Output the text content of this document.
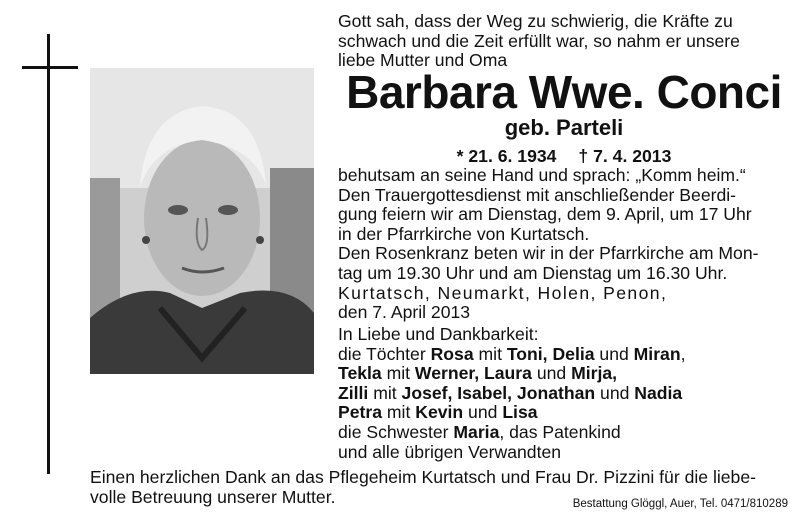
Gott sah, dass der Weg zu schwierig, die Kräfte zu
schwach und die Zeit erfüllt war, so nahm er unsere
liebe Mutter und Oma
Barbara Wwe. Conci
geb. Parteli
* 21. 6. 1934 † 7. 4. 2013
behutsam an seine Hand und sprach: „Komm heim.“
Den Trauergottesdienst mit anschließender Beerdi-
gung feiern wir am Dienstag, dem 9. April, um 17 Uhr
in der Pfarrkirche von Kurtatsch.
Den Rosenkranz beten wir in der Pfarrkirche am Mon-
tag um 19.30 Uhr und am Dienstag um 16.30 Uhr.
Kurtatsch, Neumarkt, Holen, Penon,
den 7. April 2013
In Liebe und Dankbarkeit:
die Töchter Rosa mit Toni, Delia und Miran,
Tekla mit Werner, Laura und Mirja,
Zilli mit Josef, Isabel, Jonathan und Nadia
Petra mit Kevin und Lisa
die Schwester Maria, das Patenkind
und alle übrigen Verwandten
Einen herzlichen Dank an das Pflegeheim Kurtatsch und Frau Dr. Pizzini für die liebe-
volle Betreuung unserer Mutter.	Bestattung Glöggl, Auer, Tel. 0471/810289
